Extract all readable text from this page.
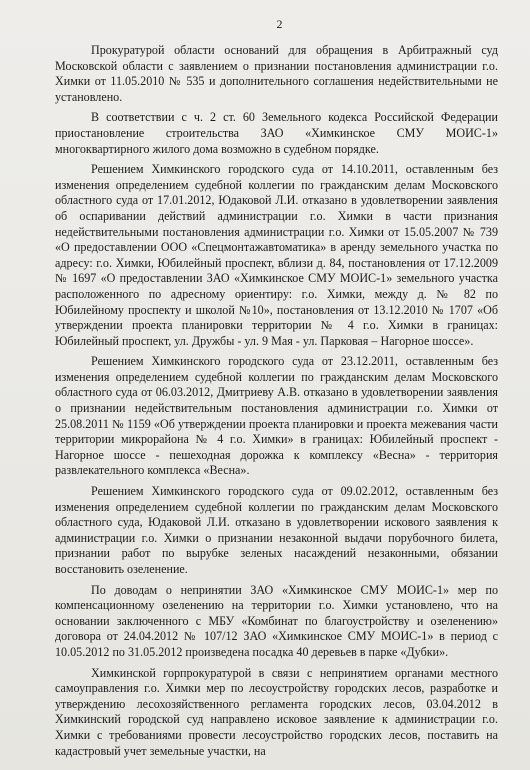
2

Прокуратурой области оснований для обращения в Арбитражный суд Московской области с заявлением о признании постановления администрации г.о. Химки от 11.05.2010 № 535 и дополнительного соглашения недействительными не установлено.

В соответствии с ч. 2 ст. 60 Земельного кодекса Российской Федерации приостановление строительства ЗАО «Химкинское СМУ МОИС-1» многоквартирного жилого дома возможно в судебном порядке.

Решением Химкинского городского суда от 14.10.2011, оставленным без изменения определением судебной коллегии по гражданским делам Московского областного суда от 17.01.2012, Юдаковой Л.И. отказано в удовлетворении заявления об оспаривании действий администрации г.о. Химки в части признания недействительными постановления администрации г.о. Химки от 15.05.2007 № 739 «О предоставлении ООО «Спецмонтажавтоматика» в аренду земельного участка по адресу: г.о. Химки, Юбилейный проспект, вблизи д. 84, постановления от 17.12.2009 № 1697 «О предоставлении ЗАО «Химкинское СМУ МОИС-1» земельного участка расположенного по адресному ориентиру: г.о. Химки, между д. № 82 по Юбилейному проспекту и школой №10», постановления от 13.12.2010 № 1707 «Об утверждении проекта планировки территории № 4 г.о. Химки в границах: Юбилейный проспект, ул. Дружбы - ул. 9 Мая - ул. Парковая – Нагорное шоссе».

Решением Химкинского городского суда от 23.12.2011, оставленным без изменения определением судебной коллегии по гражданским делам Московского областного суда от 06.03.2012, Дмитриеву А.В. отказано в удовлетворении заявления о признании недействительным постановления администрации г.о. Химки от 25.08.2011 № 1159 «Об утверждении проекта планировки и проекта межевания части территории микрорайона № 4 г.о. Химки» в границах: Юбилейный проспект - Нагорное шоссе - пешеходная дорожка к комплексу «Весна» - территория развлекательного комплекса «Весна».

Решением Химкинского городского суда от 09.02.2012, оставленным без изменения определением судебной коллегии по гражданским делам Московского областного суда, Юдаковой Л.И. отказано в удовлетворении искового заявления к администрации г.о. Химки о признании незаконной выдачи порубочного билета, признании работ по вырубке зеленых насаждений незаконными, обязании восстановить озеленение.

По доводам о непринятии ЗАО «Химкинское СМУ МОИС-1» мер по компенсационному озеленению на территории г.о. Химки установлено, что на основании заключенного с МБУ «Комбинат по благоустройству и озеленению» договора от 24.04.2012 № 107/12 ЗАО «Химкинское СМУ МОИС-1» в период с 10.05.2012 по 31.05.2012 произведена посадка 40 деревьев в парке «Дубки».

Химкинской горпрокуратурой в связи с непринятием органами местного самоуправления г.о. Химки мер по лесоустройству городских лесов, разработке и утверждению лесохозяйственного регламента городских лесов, 03.04.2012 в Химкинский городской суд направлено исковое заявление к администрации г.о. Химки с требованиями провести лесоустройство городских лесов, поставить на кадастровый учет земельные участки, на
